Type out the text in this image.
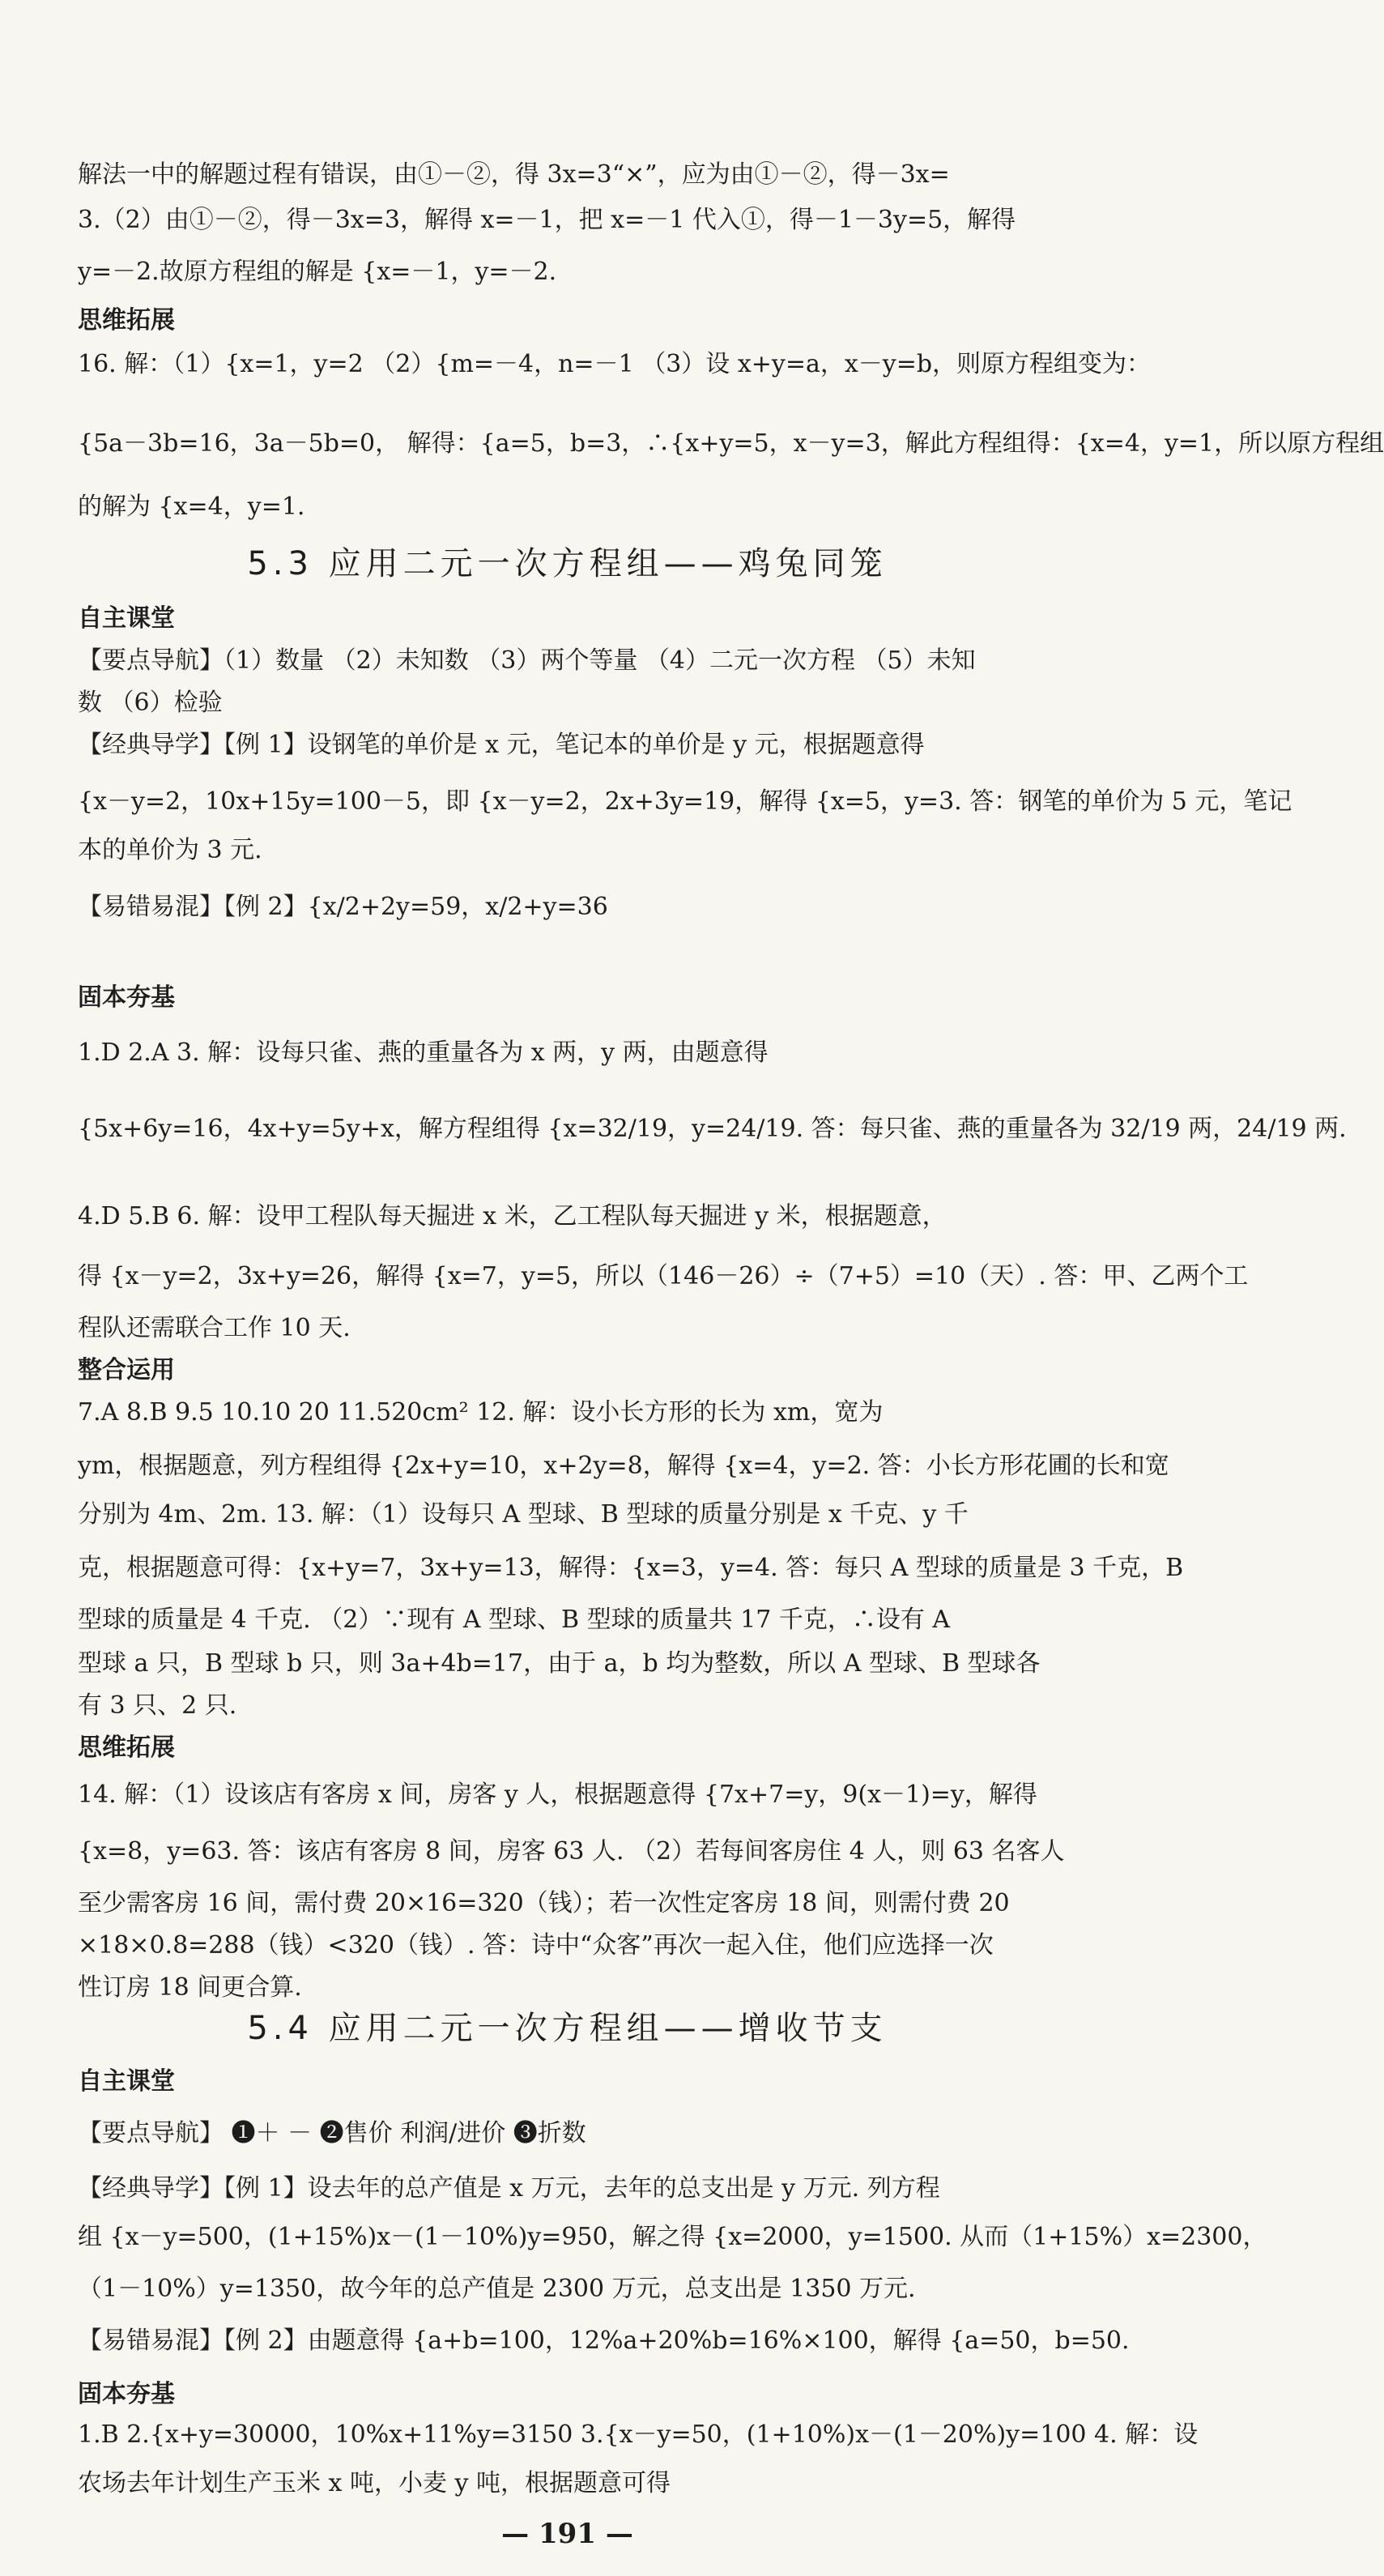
解法一中的解题过程有错误，由①－②，得 3x=3“×”，应为由①－②，得－3x=
3.（2）由①－②，得－3x=3，解得 x=－1，把 x=－1 代入①，得－1－3y=5，解得
y=－2.故原方程组的解是 {x=－1，y=－2.
思维拓展
16. 解：（1）{x=1，y=2 （2）{m=－4，n=－1 （3）设 x+y=a，x－y=b，则原方程组变为：
{5a－3b=16，3a－5b=0， 解得：{a=5，b=3，∴{x+y=5，x－y=3，解此方程组得：{x=4，y=1，所以原方程组
的解为 {x=4，y=1.
5.3 应用二元一次方程组——鸡兔同笼
自主课堂
【要点导航】（1）数量 （2）未知数 （3）两个等量 （4）二元一次方程 （5）未知
数 （6）检验
【经典导学】【例 1】设钢笔的单价是 x 元，笔记本的单价是 y 元，根据题意得
{x－y=2，10x+15y=100－5，即 {x－y=2，2x+3y=19，解得 {x=5，y=3. 答：钢笔的单价为 5 元，笔记
本的单价为 3 元.
【易错易混】【例 2】{x/2+2y=59，x/2+y=36
固本夯基
1.D 2.A 3. 解：设每只雀、燕的重量各为 x 两，y 两，由题意得
{5x+6y=16，4x+y=5y+x，解方程组得 {x=32/19，y=24/19. 答：每只雀、燕的重量各为 32/19 两，24/19 两.
4.D 5.B 6. 解：设甲工程队每天掘进 x 米，乙工程队每天掘进 y 米，根据题意，
得 {x－y=2，3x+y=26，解得 {x=7，y=5，所以（146－26）÷（7+5）=10（天）. 答：甲、乙两个工
程队还需联合工作 10 天.
整合运用
7.A 8.B 9.5 10.10 20 11.520cm² 12. 解：设小长方形的长为 xm，宽为
ym，根据题意，列方程组得 {2x+y=10，x+2y=8，解得 {x=4，y=2. 答：小长方形花圃的长和宽
分别为 4m、2m. 13. 解：（1）设每只 A 型球、B 型球的质量分别是 x 千克、y 千
克，根据题意可得：{x+y=7，3x+y=13，解得：{x=3，y=4. 答：每只 A 型球的质量是 3 千克，B
型球的质量是 4 千克. （2）∵现有 A 型球、B 型球的质量共 17 千克，∴设有 A
型球 a 只，B 型球 b 只，则 3a+4b=17，由于 a，b 均为整数，所以 A 型球、B 型球各
有 3 只、2 只.
思维拓展
14. 解：（1）设该店有客房 x 间，房客 y 人，根据题意得 {7x+7=y，9(x－1)=y，解得
{x=8，y=63. 答：该店有客房 8 间，房客 63 人. （2）若每间客房住 4 人，则 63 名客人
至少需客房 16 间，需付费 20×16=320（钱）；若一次性定客房 18 间，则需付费 20
×18×0.8=288（钱）<320（钱）. 答：诗中“众客”再次一起入住，他们应选择一次
性订房 18 间更合算.
5.4 应用二元一次方程组——增收节支
自主课堂
【要点导航】 ❶＋ － ❷售价 利润/进价 ❸折数
【经典导学】【例 1】设去年的总产值是 x 万元，去年的总支出是 y 万元. 列方程
组 {x－y=500，(1+15%)x－(1－10%)y=950，解之得 {x=2000，y=1500. 从而（1+15%）x=2300，
（1－10%）y=1350，故今年的总产值是 2300 万元，总支出是 1350 万元.
【易错易混】【例 2】由题意得 {a+b=100，12%a+20%b=16%×100，解得 {a=50，b=50.
固本夯基
1.B 2.{x+y=30000，10%x+11%y=3150 3.{x－y=50，(1+10%)x－(1－20%)y=100 4. 解：设
农场去年计划生产玉米 x 吨，小麦 y 吨，根据题意可得
— 191 —
